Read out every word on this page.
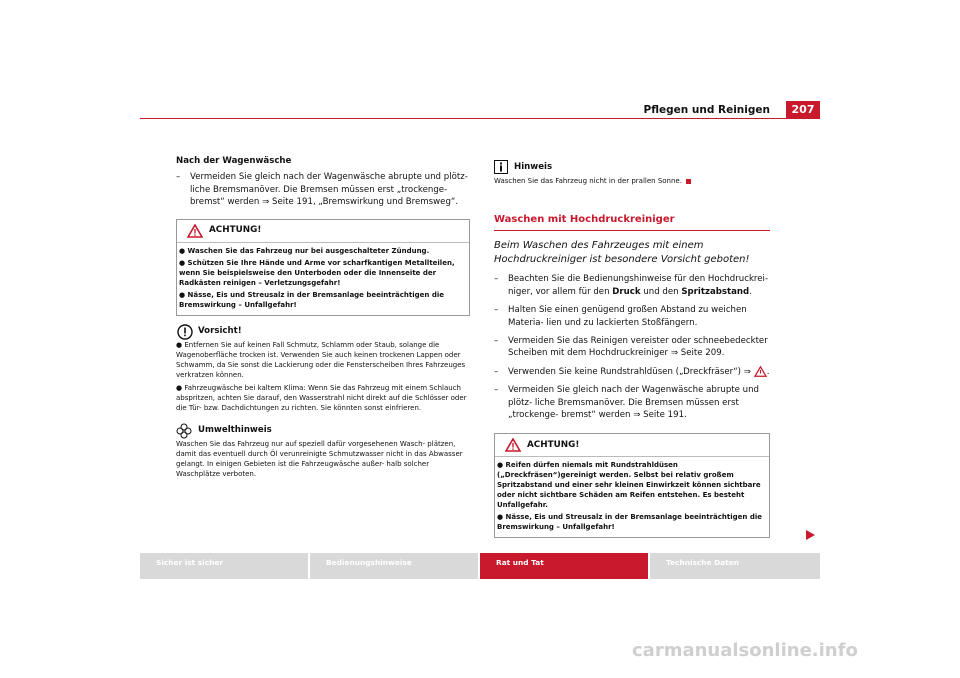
Pflegen und Reinigen	207
Nach der Wagenwäsche
–	Vermeiden Sie gleich nach der Wagenwäsche abrupte und plötz- liche Bremsmanöver. Die Bremsen müssen erst „trockenge- bremst“ werden ⇒ Seite 191, „Bremswirkung und Bremsweg“.
ACHTUNG!

● Waschen Sie das Fahrzeug nur bei ausgeschalteter Zündung.

● Schützen Sie Ihre Hände und Arme vor scharfkantigen Metallteilen, wenn Sie beispielsweise den Unterboden oder die Innenseite der Radkästen reinigen – Verletzungsgefahr!

● Nässe, Eis und Streusalz in der Bremsanlage beeinträchtigen die Bremswirkung – Unfallgefahr!

Vorsicht!

● Entfernen Sie auf keinen Fall Schmutz, Schlamm oder Staub, solange die Wagenoberfläche trocken ist. Verwenden Sie auch keinen trockenen Lappen oder Schwamm, da Sie sonst die Lackierung oder die Fensterscheiben Ihres Fahrzeuges verkratzen können.

● Fahrzeugwäsche bei kaltem Klima: Wenn Sie das Fahrzeug mit einem Schlauch abspritzen, achten Sie darauf, den Wasserstrahl nicht direkt auf die Schlösser oder die Tür- bzw. Dachdichtungen zu richten. Sie könnten sonst einfrieren.

Umwelthinweis
Waschen Sie das Fahrzeug nur auf speziell dafür vorgesehenen Wasch- plätzen, damit das eventuell durch Öl verunreinigte Schmutzwasser nicht in das Abwasser gelangt. In einigen Gebieten ist die Fahrzeugwäsche außer- halb solcher Waschplätze verboten.
Hinweis
Waschen Sie das Fahrzeug nicht in der prallen Sonne.
Waschen mit Hochdruckreiniger
Beim Waschen des Fahrzeuges mit einem Hochdruckreiniger ist besondere Vorsicht geboten!
–	Beachten Sie die Bedienungshinweise für den Hochdruckrei- niger, vor allem für den Druck und den Spritzabstand.
–	Halten Sie einen genügend großen Abstand zu weichen Materia- lien und zu lackierten Stoßfängern.
–	Vermeiden Sie das Reinigen vereister oder schneebedeckter Scheiben mit dem Hochdruckreiniger ⇒ Seite 209.
–	Verwenden Sie keine Rundstrahldüsen („Dreckfräser“) ⇒ .
–	Vermeiden Sie gleich nach der Wagenwäsche abrupte und plötz- liche Bremsmanöver. Die Bremsen müssen erst „trockenge- bremst“ werden ⇒ Seite 191.
ACHTUNG!

● Reifen dürfen niemals mit Rundstrahldüsen („Dreckfräsen“)gereinigt werden. Selbst bei relativ großem Spritzabstand und einer sehr kleinen Einwirkzeit können sichtbare oder nicht sichtbare Schäden am Reifen entstehen. Es besteht Unfallgefahr.

● Nässe, Eis und Streusalz in der Bremsanlage beeinträchtigen die Bremswirkung – Unfallgefahr!

Sicher ist sicher	Bedienungshinweise	Rat und Tat	Technische Daten
carmanualsonline.info
